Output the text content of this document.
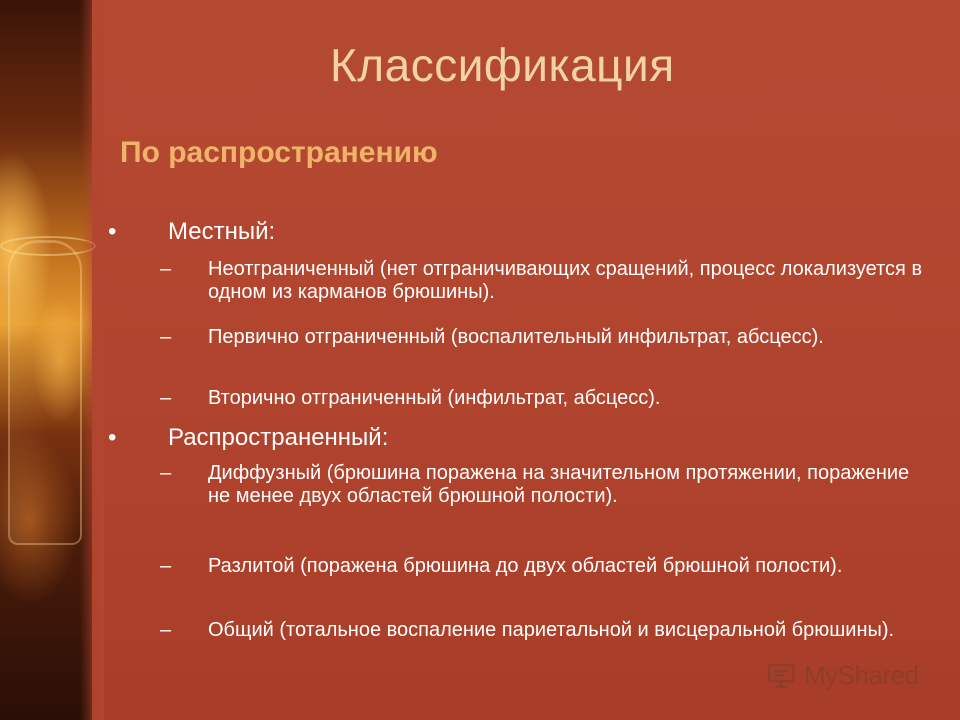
Классификация
По распространению
•	Местный:
–	Неотграниченный (нет отграничивающих сращений, процесс локализуется в одном из карманов брюшины).
–	Первично отграниченный (воспалительный инфильтрат, абсцесс).
–	Вторично отграниченный (инфильтрат, абсцесс).
•	Распространенный:
–	Диффузный (брюшина поражена на значительном протяжении, поражение не менее двух областей брюшной полости).
–	Разлитой (поражена брюшина до двух областей брюшной полости).
–	Общий (тотальное воспаление париетальной и висцеральной брюшины).
MyShared
